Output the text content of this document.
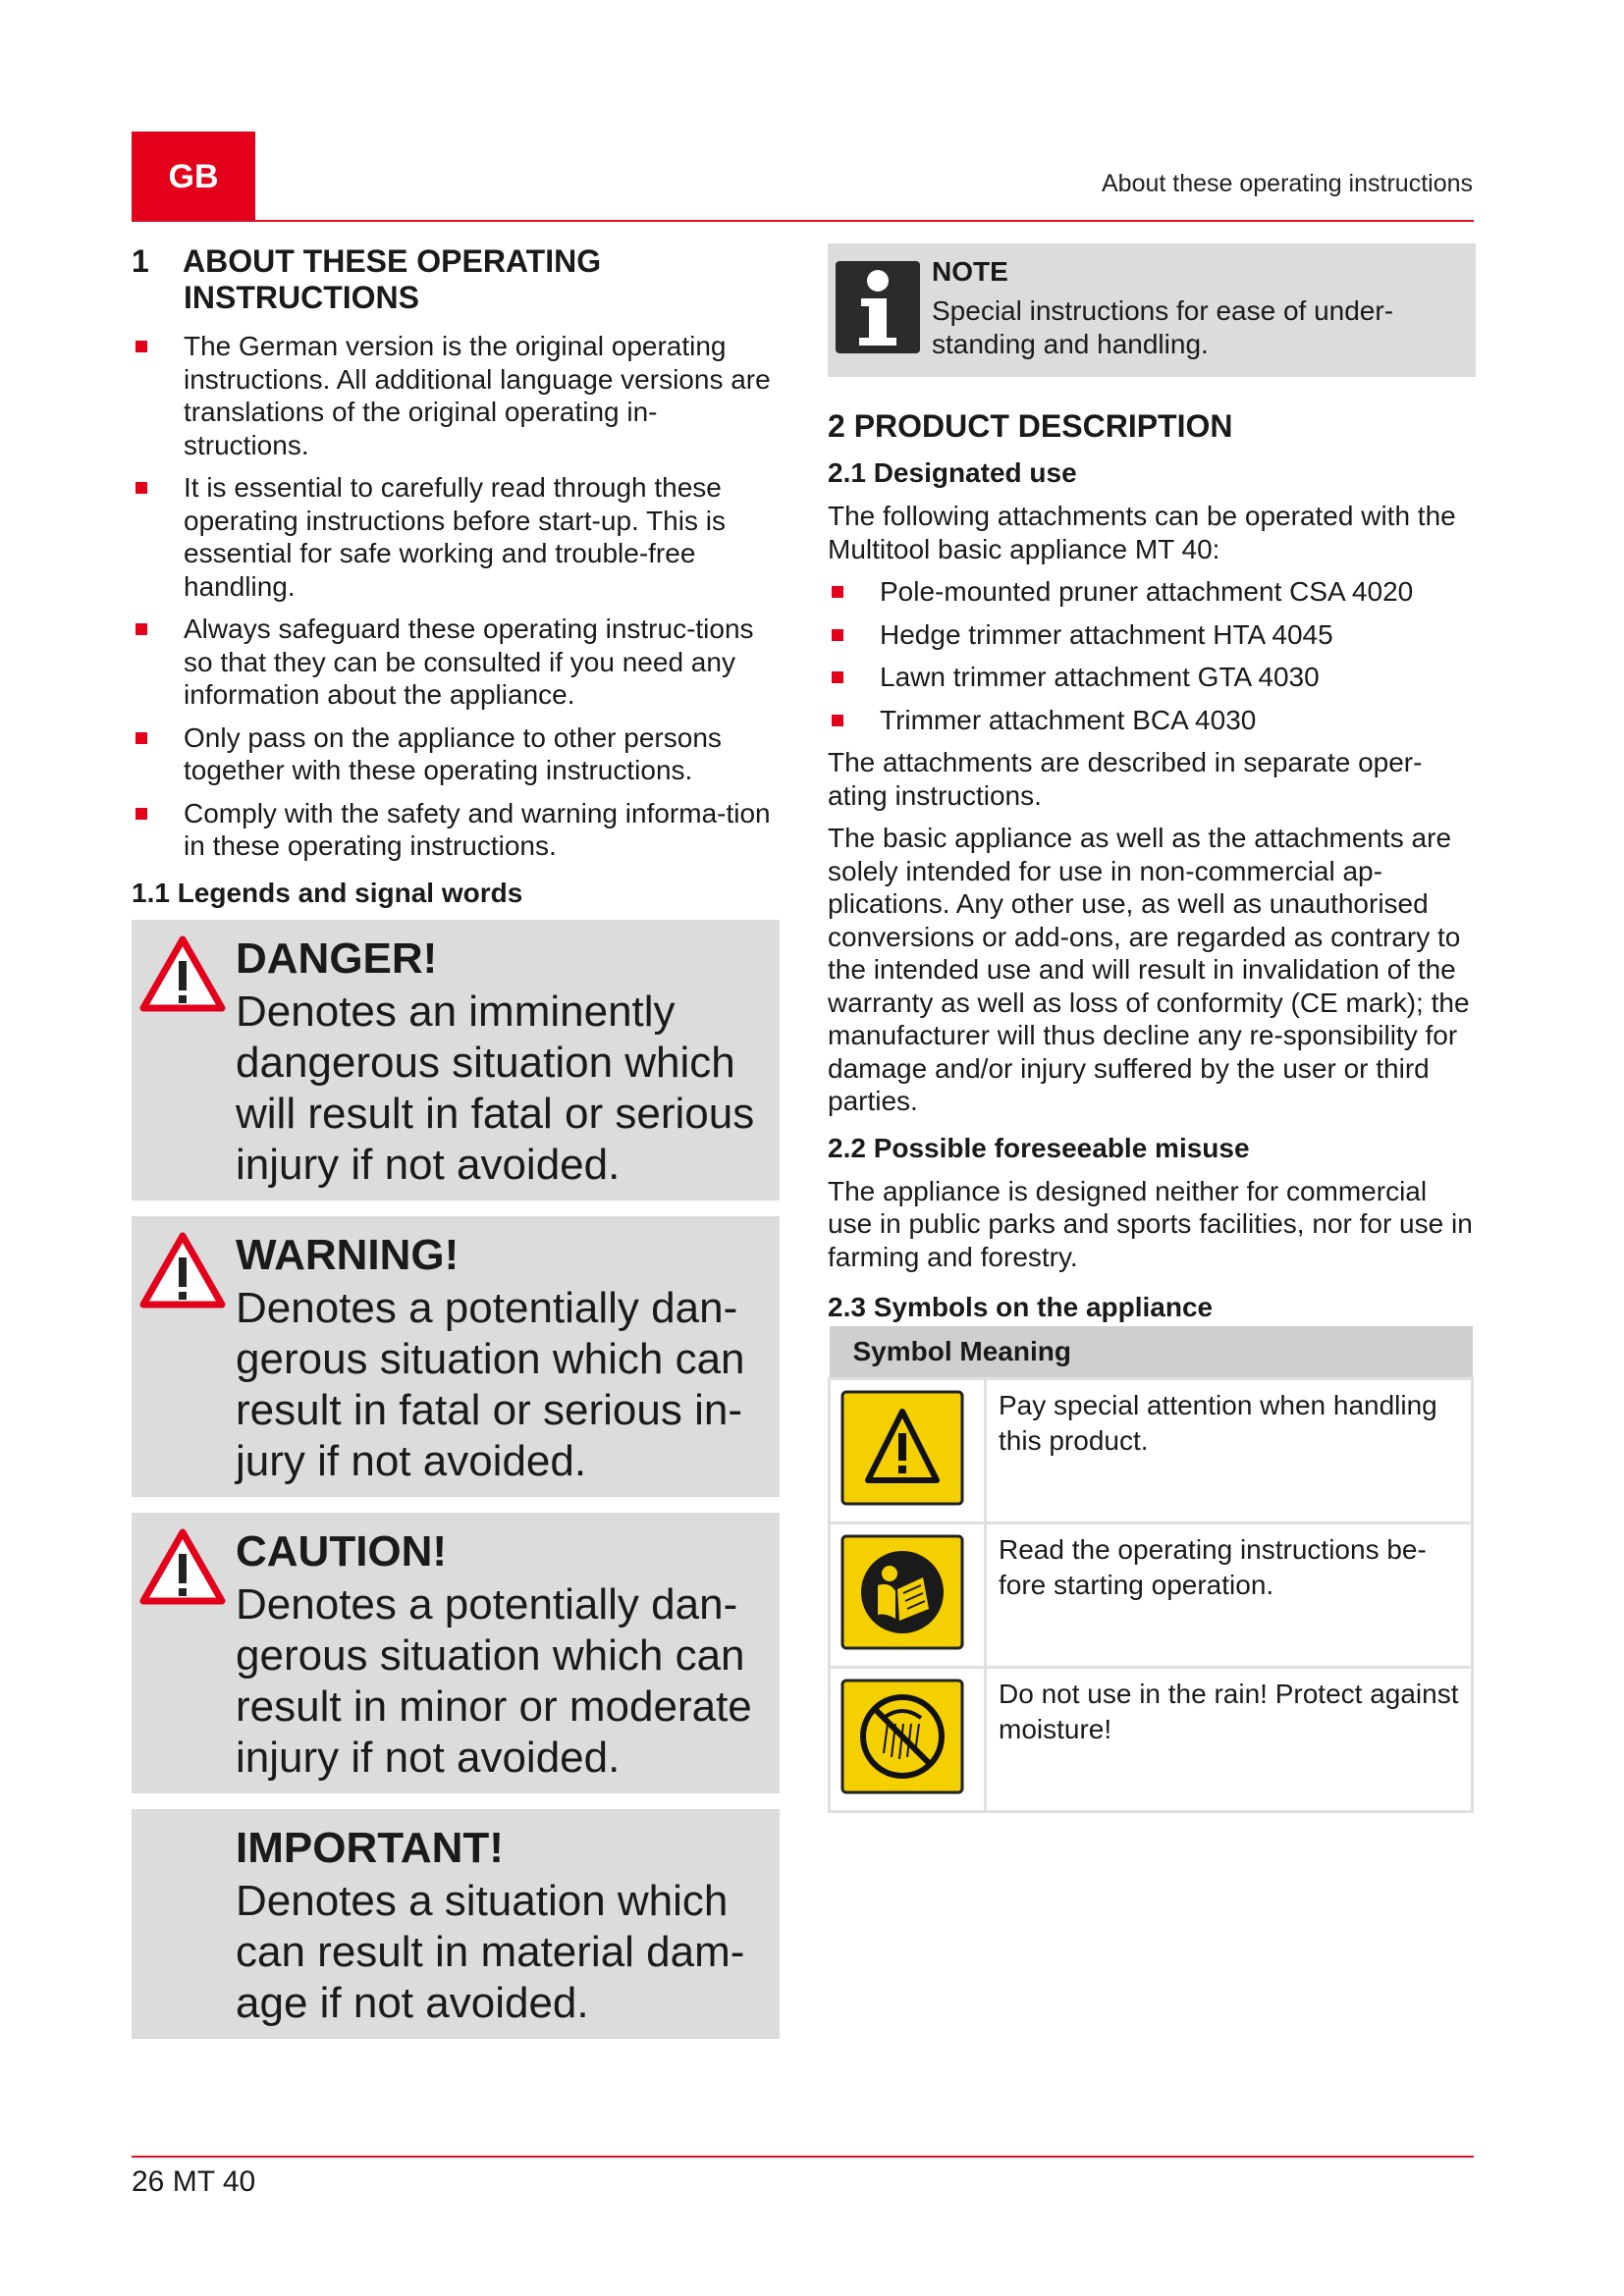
GB	About these operating instructions
1 ABOUT THESE OPERATING
INSTRUCTIONS
The German version is the original operating instructions. All additional language versions are translations of the original operating in-structions.
It is essential to carefully read through these operating instructions before start-up. This is essential for safe working and trouble-free handling.
Always safeguard these operating instruc-tions so that they can be consulted if you need any information about the appliance.
Only pass on the appliance to other persons together with these operating instructions.
Comply with the safety and warning informa-tion in these operating instructions.
1.1 Legends and signal words
DANGER!
Denotes an imminently dangerous situation which will result in fatal or serious injury if not avoided.
WARNING!
Denotes a potentially dan-gerous situation which can result in fatal or serious in-jury if not avoided.
CAUTION!
Denotes a potentially dan-gerous situation which can result in minor or moderate injury if not avoided.
IMPORTANT!
Denotes a situation which can result in material dam-age if not avoided.
NOTE
Special instructions for ease of under-standing and handling.
2 PRODUCT DESCRIPTION
2.1 Designated use

The following attachments can be operated with the Multitool basic appliance MT 40:

Pole-mounted pruner attachment CSA 4020
Hedge trimmer attachment HTA 4045
Lawn trimmer attachment GTA 4030
Trimmer attachment BCA 4030

The attachments are described in separate oper-ating instructions.

The basic appliance as well as the attachments are solely intended for use in non-commercial ap-plications. Any other use, as well as unauthorised conversions or add-ons, are regarded as contrary to the intended use and will result in invalidation of the warranty as well as loss of conformity (CE mark); the manufacturer will thus decline any re-sponsibility for damage and/or injury suffered by the user or third parties.

2.2 Possible foreseeable misuse

The appliance is designed neither for commercial use in public parks and sports facilities, nor for use in farming and forestry.

2.3 Symbols on the appliance
Symbol Meaning	
	Pay special attention when handling this product.
	Read the operating instructions be-fore starting operation.
	Do not use in the rain! Protect against moisture!
26 MT 40
